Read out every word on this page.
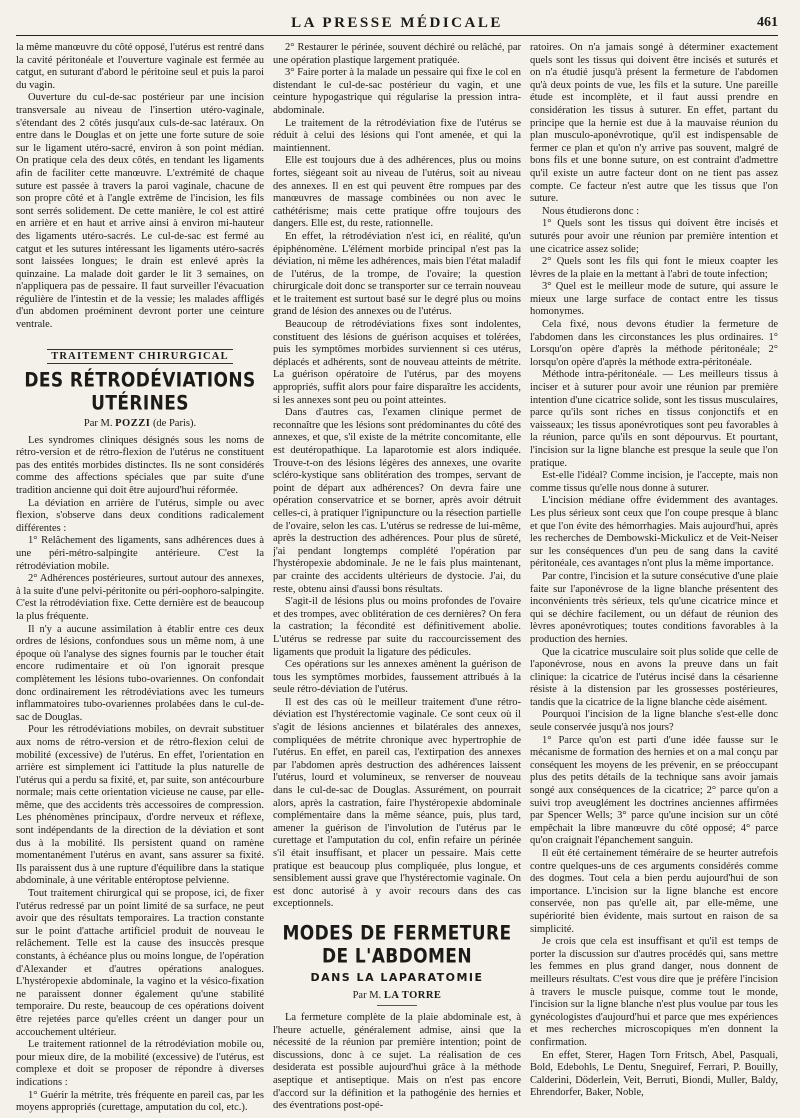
LA PRESSE MÉDICALE	461

la même manœuvre du côté opposé, l'utérus est rentré dans la cavité péritonéale et l'ouverture vaginale est fermée au catgut, en suturant d'abord le péritoine seul et puis la paroi du vagin.

Ouverture du cul-de-sac postérieur par une incision transversale au niveau de l'insertion utéro-vaginale, s'étendant des 2 côtés jusqu'aux culs-de-sac latéraux. On entre dans le Douglas et on jette une forte suture de soie sur le ligament utéro-sacré, environ à son point médian. On pratique cela des deux côtés, en tendant les ligaments afin de faciliter cette manœuvre. L'extrémité de chaque suture est passée à travers la paroi vaginale, chacune de son propre côté et à l'angle extrême de l'incision, les fils sont serrés solidement. De cette manière, le col est attiré en arrière et en haut et arrive ainsi à environ mi-hauteur des ligaments utéro-sacrés. Le cul-de-sac est fermé au catgut et les sutures intéressant les ligaments utéro-sacrés sont laissées longues; le drain est enlevé après la quinzaine. La malade doit garder le lit 3 semaines, on n'appliquera pas de pessaire. Il faut surveiller l'évacuation régulière de l'intestin et de la vessie; les malades affligés d'un abdomen proéminent devront porter une ceinture ventrale.

TRAITEMENT CHIRURGICAL
DES RÉTRODÉVIATIONS UTÉRINES
Par M. POZZI (de Paris).

Les syndromes cliniques désignés sous les noms de rétro-version et de rétro-flexion de l'utérus ne constituent pas des entités morbides distinctes. Ils ne sont considérés comme des affections spéciales que par suite d'une tradition ancienne qui doit être aujourd'hui réformée.

La déviation en arrière de l'utérus, simple ou avec flexion, s'observe dans deux conditions radicalement différentes :

1° Relâchement des ligaments, sans adhérences dues à une péri-métro-salpingite antérieure. C'est la rétrodéviation mobile.

2° Adhérences postérieures, surtout autour des annexes, à la suite d'une pelvi-péritonite ou péri-oophoro-salpingite. C'est la rétrodéviation fixe. Cette dernière est de beaucoup la plus fréquente.

Il n'y a aucune assimilation à établir entre ces deux ordres de lésions, confondues sous un même nom, à une époque où l'analyse des signes fournis par le toucher était encore rudimentaire et où l'on ignorait presque complètement les lésions tubo-ovariennes. On confondait donc ordinairement les rétrodéviations avec les tumeurs inflammatoires tubo-ovariennes prolabées dans le cul-de-sac de Douglas.

Pour les rétrodéviations mobiles, on devrait substituer aux noms de rétro-version et de rétro-flexion celui de mobilité (excessive) de l'utérus. En effet, l'orientation en arrière est simplement ici l'attitude la plus naturelle de l'utérus qui a perdu sa fixité, et, par suite, son antécourbure normale; mais cette orientation vicieuse ne cause, par elle-même, que des accidents très accessoires de compression. Les phénomènes principaux, d'ordre nerveux et réflexe, sont indépendants de la direction de la déviation et sont dus à la mobilité. Ils persistent quand on ramène momentanément l'utérus en avant, sans assurer sa fixité. Ils paraissent dus à une rupture d'équilibre dans la statique abdominale, à une véritable entéroptose pelvienne.

Tout traitement chirurgical qui se propose, ici, de fixer l'utérus redressé par un point limité de sa surface, ne peut avoir que des résultats temporaires. La traction constante sur le point d'attache artificiel produit de nouveau le relâchement. Telle est la cause des insuccès presque constants, à échéance plus ou moins longue, de l'opération d'Alexander et d'autres opérations analogues. L'hystéropexie abdominale, la vagino et la vésico-fixation ne paraissent donner également qu'une stabilité temporaire. Du reste, beaucoup de ces opérations doivent être rejetées parce qu'elles créent un danger pour un accouchement ultérieur.

Le traitement rationnel de la rétrodéviation mobile ou, pour mieux dire, de la mobilité (excessive) de l'utérus, est complexe et doit se proposer de répondre à diverses indications :

1° Guérir la métrite, très fréquente en pareil cas, par les moyens appropriés (curettage, amputation du col, etc.).

2° Restaurer le périnée, souvent déchiré ou relâché, par une opération plastique largement pratiquée.

3° Faire porter à la malade un pessaire qui fixe le col en distendant le cul-de-sac postérieur du vagin, et une ceinture hypogastrique qui régularise la pression intra-abdominale.

Le traitement de la rétrodéviation fixe de l'utérus se réduit à celui des lésions qui l'ont amenée, et qui la maintiennent.

Elle est toujours due à des adhérences, plus ou moins fortes, siégeant soit au niveau de l'utérus, soit au niveau des annexes. Il en est qui peuvent être rompues par des manœuvres de massage combinées ou non avec le cathétérisme; mais cette pratique offre toujours des dangers. Elle est, du reste, rationnelle.

En effet, la rétrodéviation n'est ici, en réalité, qu'un épiphénomène. L'élément morbide principal n'est pas la déviation, ni même les adhérences, mais bien l'état maladif de l'utérus, de la trompe, de l'ovaire; la question chirurgicale doit donc se transporter sur ce terrain nouveau et le traitement est surtout basé sur le degré plus ou moins grand de lésion des annexes ou de l'utérus.

Beaucoup de rétrodéviations fixes sont indolentes, constituent des lésions de guérison acquises et tolérées, puis les symptômes morbides surviennent si ces utérus, déplacés et adhérents, sont de nouveau atteints de métrite. La guérison opératoire de l'utérus, par des moyens appropriés, suffit alors pour faire disparaître les accidents, si les annexes sont peu ou point atteintes.

Dans d'autres cas, l'examen clinique permet de reconnaître que les lésions sont prédominantes du côté des annexes, et que, s'il existe de la métrite concomitante, elle est deutéropathique. La laparotomie est alors indiquée. Trouve-t-on des lésions légères des annexes, une ovarite scléro-kystique sans oblitération des trompes, servant de point de départ aux adhérences? On devra faire une opération conservatrice et se borner, après avoir détruit celles-ci, à pratiquer l'ignipuncture ou la résection partielle de l'ovaire, selon les cas. L'utérus se redresse de lui-même, après la destruction des adhérences. Pour plus de sûreté, j'ai pendant longtemps complété l'opération par l'hystéropexie abdominale. Je ne le fais plus maintenant, par crainte des accidents ultérieurs de dystocie. J'ai, du reste, obtenu ainsi d'aussi bons résultats.

S'agit-il de lésions plus ou moins profondes de l'ovaire et des trompes, avec oblitération de ces dernières? On fera la castration; la fécondité est définitivement abolie. L'utérus se redresse par suite du raccourcissement des ligaments que produit la ligature des pédicules.

Ces opérations sur les annexes amènent la guérison de tous les symptômes morbides, faussement attribués à la seule rétro-déviation de l'utérus.

Il est des cas où le meilleur traitement d'une rétro-déviation est l'hystérectomie vaginale. Ce sont ceux où il s'agit de lésions anciennes et bilatérales des annexes, compliquées de métrite chronique avec hypertrophie de l'utérus. En effet, en pareil cas, l'extirpation des annexes par l'abdomen après destruction des adhérences laissent l'utérus, lourd et volumineux, se renverser de nouveau dans le cul-de-sac de Douglas. Assurément, on pourrait alors, après la castration, faire l'hystéropexie abdominale complémentaire dans la même séance, puis, plus tard, amener la guérison de l'involution de l'utérus par le curettage et l'amputation du col, enfin refaire un périnée s'il était insuffisant, et placer un pessaire. Mais cette pratique est beaucoup plus compliquée, plus longue, et sensiblement aussi grave que l'hystérectomie vaginale. On est donc autorisé à y avoir recours dans des cas exceptionnels.

MODES DE FERMETURE DE L'ABDOMEN
DANS LA LAPARATOMIE
Par M. LA TORRE

La fermeture complète de la plaie abdominale est, à l'heure actuelle, généralement admise, ainsi que la nécessité de la réunion par première intention; point de discussions, donc à ce sujet. La réalisation de ces desiderata est possible aujourd'hui grâce à la méthode aseptique et antiseptique. Mais on n'est pas encore d'accord sur la définition et la pathogénie des hernies et des éventrations post-opé-

ratoires. On n'a jamais songé à déterminer exactement quels sont les tissus qui doivent être incisés et suturés et on n'a étudié jusqu'à présent la fermeture de l'abdomen qu'à deux points de vue, les fils et la suture. Une pareille étude est incomplète, et il faut aussi prendre en considération les tissus à suturer. En effet, partant du principe que la hernie est due à la mauvaise réunion du plan musculo-aponévrotique, qu'il est indispensable de fermer ce plan et qu'on n'y arrive pas souvent, malgré de bons fils et une bonne suture, on est contraint d'admettre qu'il existe un autre facteur dont on ne tient pas assez compte. Ce facteur n'est autre que les tissus que l'on suture.

Nous étudierons donc :

1° Quels sont les tissus qui doivent être incisés et suturés pour avoir une réunion par première intention et une cicatrice assez solide;

2° Quels sont les fils qui font le mieux coapter les lèvres de la plaie en la mettant à l'abri de toute infection;

3° Quel est le meilleur mode de suture, qui assure le mieux une large surface de contact entre les tissus homonymes.

Cela fixé, nous devons étudier la fermeture de l'abdomen dans les circonstances les plus ordinaires. 1° Lorsqu'on opère d'après la méthode péritonéale; 2° lorsqu'on opère d'après la méthode extra-péritonéale.

Méthode intra-péritonéale. — Les meilleurs tissus à inciser et à suturer pour avoir une réunion par première intention d'une cicatrice solide, sont les tissus musculaires, parce qu'ils sont riches en tissus conjonctifs et en vaisseaux; les tissus aponévrotiques sont peu favorables à la réunion, parce qu'ils en sont dépourvus. Et pourtant, l'incision sur la ligne blanche est presque la seule que l'on pratique.

Est-elle l'idéal? Comme incision, je l'accepte, mais non comme tissus qu'elle nous donne à suturer.

L'incision médiane offre évidemment des avantages. Les plus sérieux sont ceux que l'on coupe presque à blanc et que l'on évite des hémorrhagies. Mais aujourd'hui, après les recherches de Dembowski-Mickulicz et de Veit-Neiser sur les conséquences d'un peu de sang dans la cavité péritonéale, ces avantages n'ont plus la même importance.

Par contre, l'incision et la suture consécutive d'une plaie faite sur l'aponévrose de la ligne blanche présentent des inconvénients très sérieux, tels qu'une cicatrice mince et qui se déchire facilement, ou un défaut de réunion des lèvres aponévrotiques; toutes conditions favorables à la production des hernies.

Que la cicatrice musculaire soit plus solide que celle de l'aponévrose, nous en avons la preuve dans un fait clinique: la cicatrice de l'utérus incisé dans la césarienne résiste à la distension par les grossesses postérieures, tandis que la cicatrice de la ligne blanche cède aisément.

Pourquoi l'incision de la ligne blanche s'est-elle donc seule conservée jusqu'à nos jours?

1° Parce qu'on est parti d'une idée fausse sur le mécanisme de formation des hernies et on a mal conçu par conséquent les moyens de les prévenir, en se préoccupant plus des petits détails de la technique sans avoir jamais songé aux conséquences de la cicatrice; 2° parce qu'on a suivi trop aveuglément les doctrines anciennes affirmées par Spencer Wells; 3° parce qu'une incision sur un côté empêchait la libre manœuvre du côté opposé; 4° parce qu'on craignait l'épanchement sanguin.

Il eût été certainement téméraire de se heurter autrefois contre quelques-uns de ces arguments considérés comme des dogmes. Tout cela a bien perdu aujourd'hui de son importance. L'incision sur la ligne blanche est encore conservée, non pas qu'elle ait, par elle-même, une supériorité bien évidente, mais surtout en raison de sa simplicité.

Je crois que cela est insuffisant et qu'il est temps de porter la discussion sur d'autres procédés qui, sans mettre les femmes en plus grand danger, nous donnent de meilleurs résultats. C'est vous dire que je préfère l'incision à travers le muscle puisque, comme tout le monde, l'incision sur la ligne blanche n'est plus voulue par tous les gynécologistes d'aujourd'hui et parce que mes expériences et mes recherches microscopiques m'en donnent la confirmation.

En effet, Sterer, Hagen Torn Fritsch, Abel, Pasquali, Bold, Edebohls, Le Dentu, Sneguiref, Ferrari, P. Bouilly, Calderini, Döderlein, Veit, Berruti, Biondi, Muller, Baldy, Ehrendorfer, Baker, Noble,
